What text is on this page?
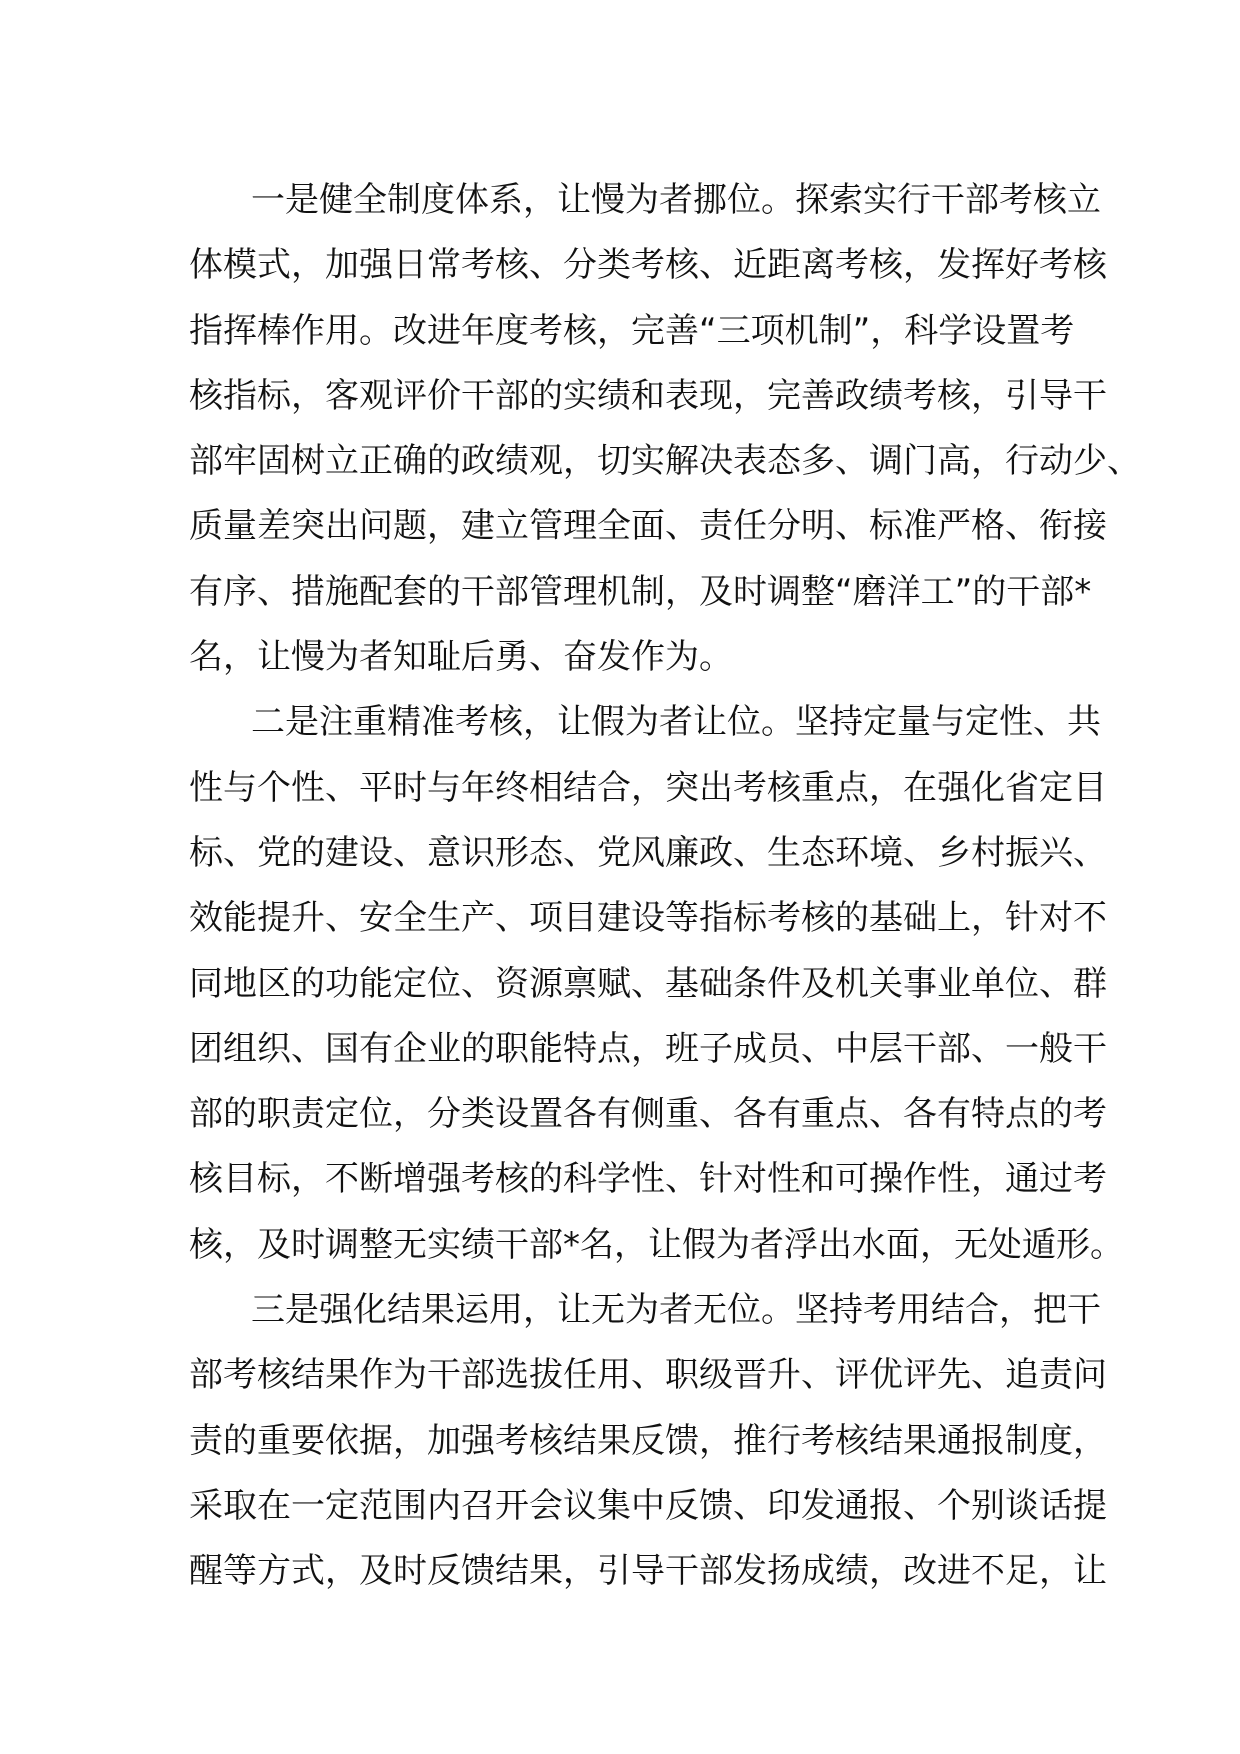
一是健全制度体系，让慢为者挪位。探索实行干部考核立
体模式，加强日常考核、分类考核、近距离考核，发挥好考核
指挥棒作用。改进年度考核，完善“三项机制”，科学设置考
核指标，客观评价干部的实绩和表现，完善政绩考核，引导干
部牢固树立正确的政绩观，切实解决表态多、调门高，行动少、
质量差突出问题，建立管理全面、责任分明、标准严格、衔接
有序、措施配套的干部管理机制，及时调整“磨洋工”的干部*
名，让慢为者知耻后勇、奋发作为。
二是注重精准考核，让假为者让位。坚持定量与定性、共
性与个性、平时与年终相结合，突出考核重点，在强化省定目
标、党的建设、意识形态、党风廉政、生态环境、乡村振兴、
效能提升、安全生产、项目建设等指标考核的基础上，针对不
同地区的功能定位、资源禀赋、基础条件及机关事业单位、群
团组织、国有企业的职能特点，班子成员、中层干部、一般干
部的职责定位，分类设置各有侧重、各有重点、各有特点的考
核目标，不断增强考核的科学性、针对性和可操作性，通过考
核，及时调整无实绩干部*名，让假为者浮出水面，无处遁形。
三是强化结果运用，让无为者无位。坚持考用结合，把干
部考核结果作为干部选拔任用、职级晋升、评优评先、追责问
责的重要依据，加强考核结果反馈，推行考核结果通报制度，
采取在一定范围内召开会议集中反馈、印发通报、个别谈话提
醒等方式，及时反馈结果，引导干部发扬成绩，改进不足，让
